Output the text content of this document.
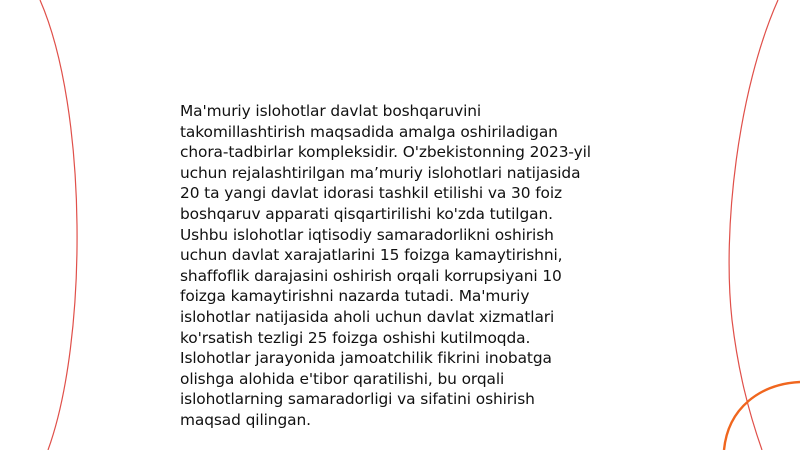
Ma'muriy islohotlar davlat boshqaruvini
takomillashtirish maqsadida amalga oshiriladigan
chora-tadbirlar kompleksidir. O'zbekistonning 2023-yil
uchun rejalashtirilgan maʼmuriy islohotlari natijasida
20 ta yangi davlat idorasi tashkil etilishi va 30 foiz
boshqaruv apparati qisqartirilishi ko'zda tutilgan.
Ushbu islohotlar iqtisodiy samaradorlikni oshirish
uchun davlat xarajatlarini 15 foizga kamaytirishni,
shaffoflik darajasini oshirish orqali korrupsiyani 10
foizga kamaytirishni nazarda tutadi. Ma'muriy
islohotlar natijasida aholi uchun davlat xizmatlari
ko'rsatish tezligi 25 foizga oshishi kutilmoqda.
Islohotlar jarayonida jamoatchilik fikrini inobatga
olishga alohida e'tibor qaratilishi, bu orqali
islohotlarning samaradorligi va sifatini oshirish
maqsad qilingan.
